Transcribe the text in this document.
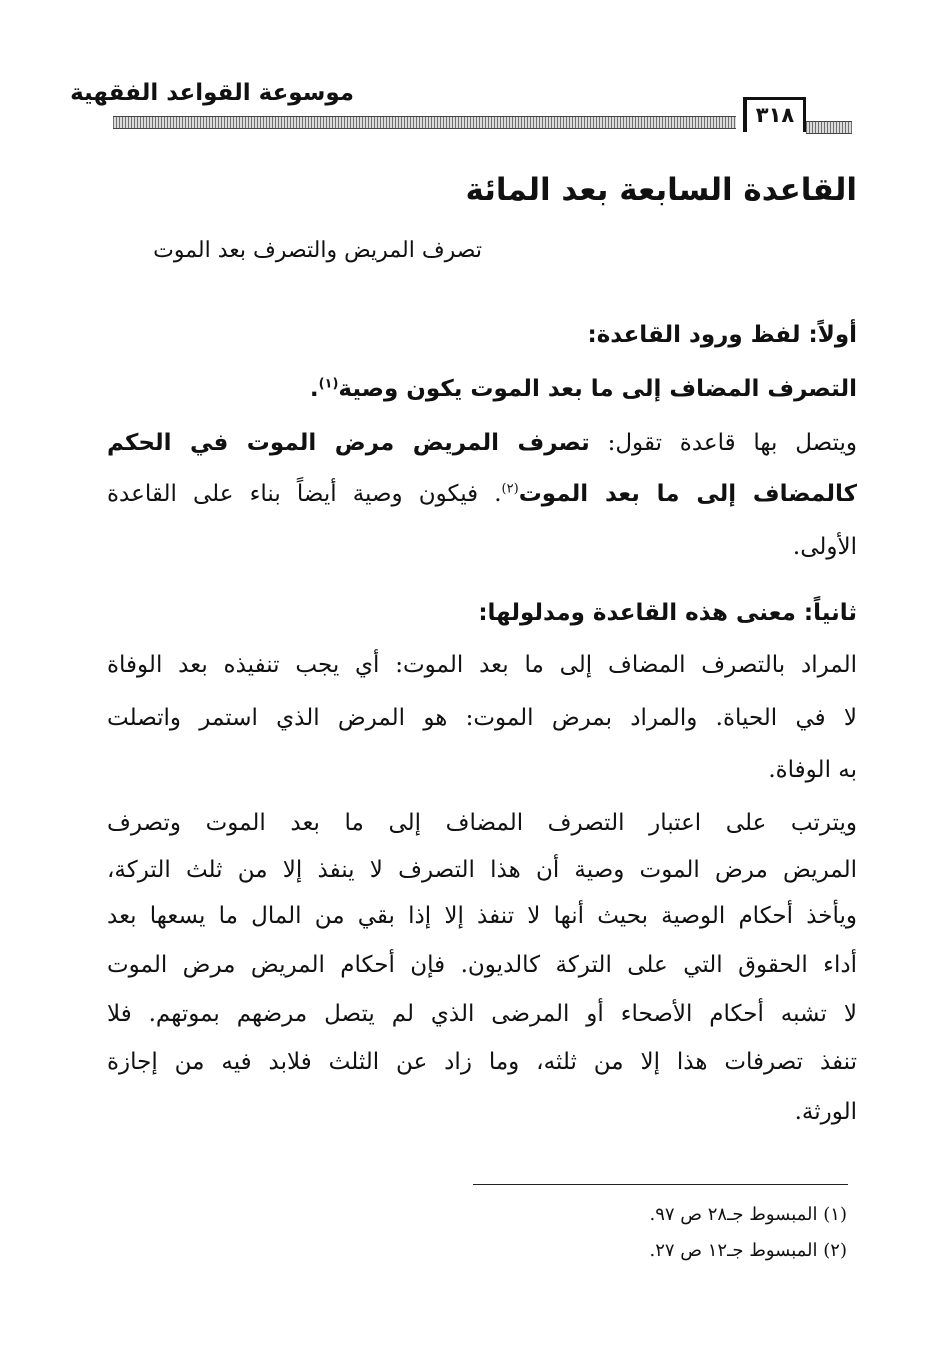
موسوعة القواعد الفقهية
٣١٨
القاعدة السابعة بعد المائة
تصرف المريض والتصرف بعد الموت
أولاً: لفظ ورود القاعدة:
التصرف المضاف إلى ما بعد الموت يكون وصية$^{(١)}$.
ويتصل بها قاعدة تقول: تصرف المريض مرض الموت في الحكم
كالمضاف إلى ما بعد الموت$^{(٢)}$. فيكون وصية أيضاً بناء على القاعدة
الأولى.
ثانياً: معنى هذه القاعدة ومدلولها:
المراد بالتصرف المضاف إلى ما بعد الموت: أي يجب تنفيذه بعد الوفاة
لا في الحياة. والمراد بمرض الموت: هو المرض الذي استمر واتصلت
به الوفاة.
ويترتب على اعتبار التصرف المضاف إلى ما بعد الموت وتصرف
المريض مرض الموت وصية أن هذا التصرف لا ينفذ إلا من ثلث التركة،
ويأخذ أحكام الوصية بحيث أنها لا تنفذ إلا إذا بقي من المال ما يسعها بعد
أداء الحقوق التي على التركة كالديون. فإن أحكام المريض مرض الموت
لا تشبه أحكام الأصحاء أو المرضى الذي لم يتصل مرضهم بموتهم. فلا
تنفذ تصرفات هذا إلا من ثلثه، وما زاد عن الثلث فلابد فيه من إجازة
الورثة.
(١) المبسوط جـ٢٨ ص ٩٧.
(٢) المبسوط جـ١٢ ص ٢٧.
